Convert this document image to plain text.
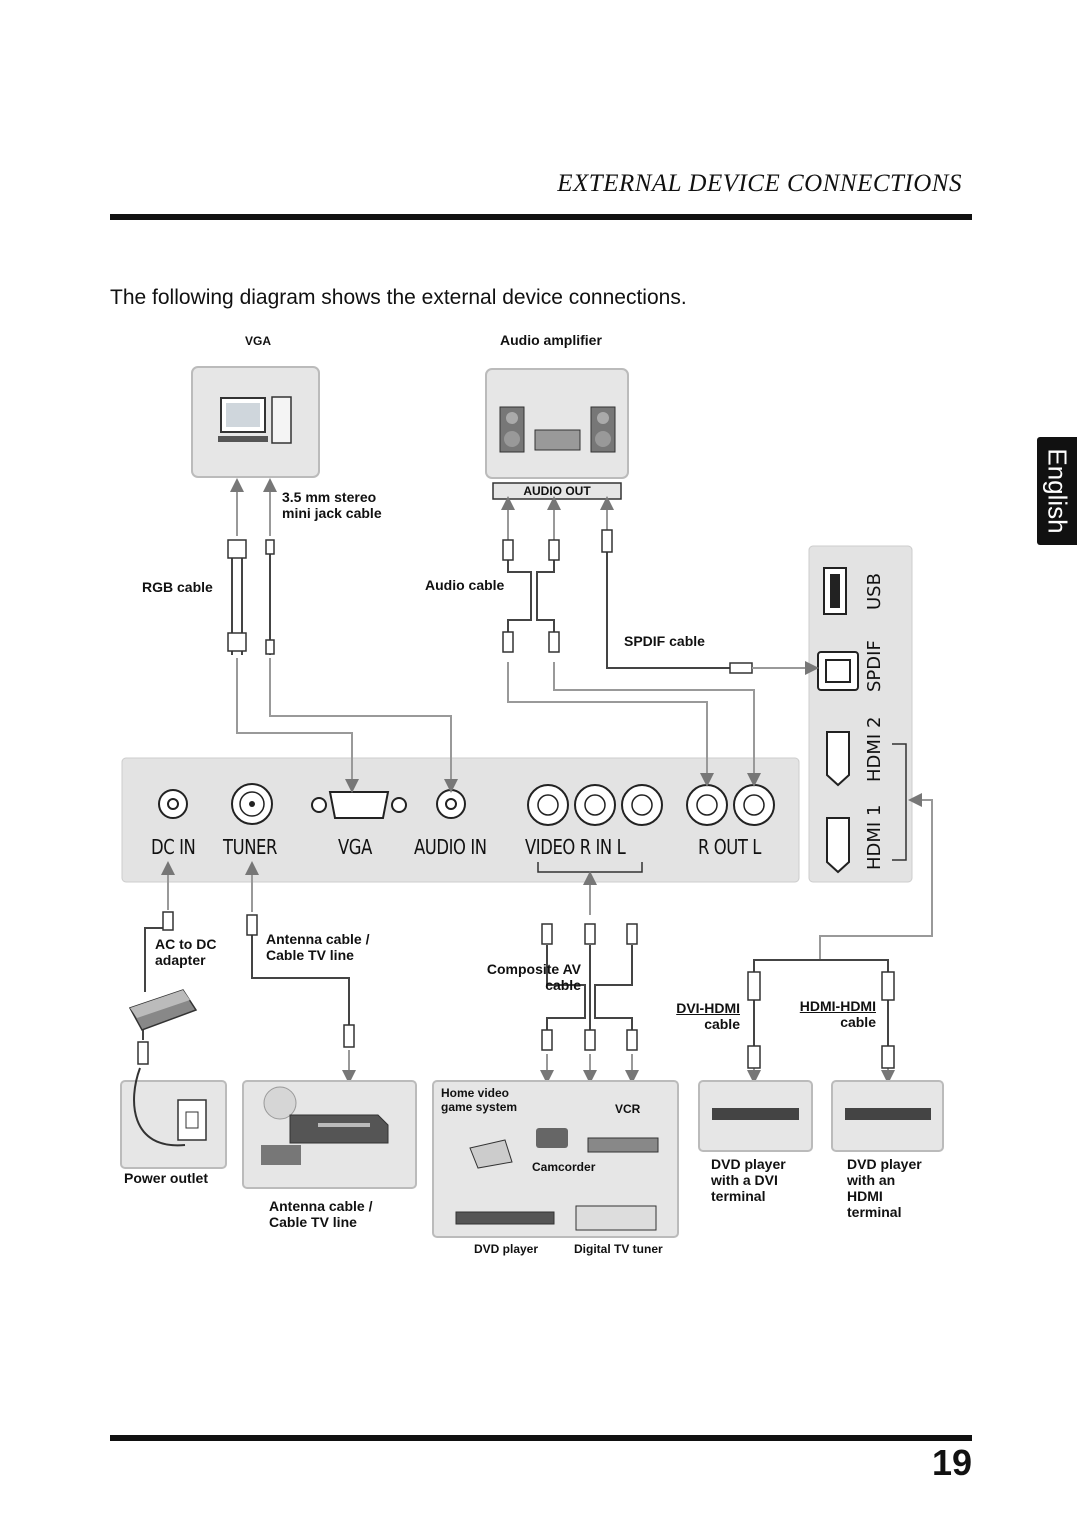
EXTERNAL DEVICE CONNECTIONS
The following diagram shows the external device connections.
English
VGA	Audio amplifier
AUDIO OUT
3.5 mm stereo
mini jack cable
RGB cable	Audio cable
SPDIF cable
DC IN TUNER	VGA AUDIO IN VIDEO R IN L	R OUT L
USB
SPDIF
HDMI 2
HDMI 1
AC to DC
adapter
Antenna cable /
Cable TV line
Composite AV
cable
DVI-HDMI
cable
HDMI-HDMI
cable
Power outlet
Antenna cable /
Cable TV line
Home video
game system	VCR
Camcorder
DVD player	Digital TV tuner
DVD player
with a DVI
terminal
DVD player
with an
HDMI
terminal
19
